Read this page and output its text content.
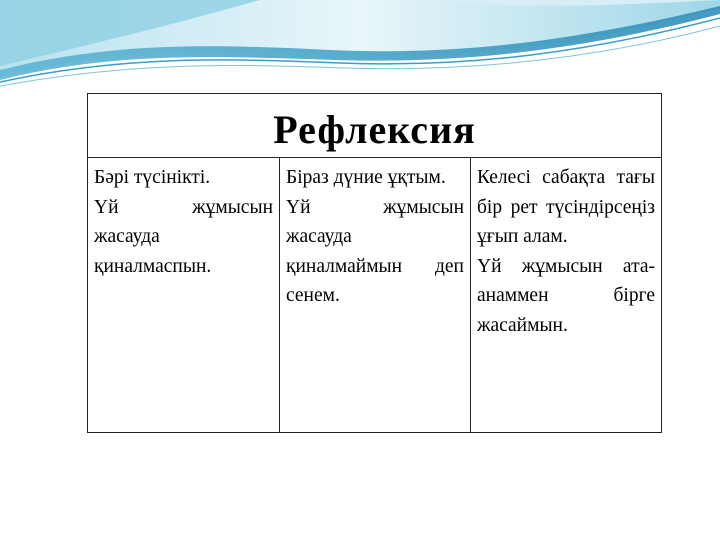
Рефлексия
Бәрі түсінікті.
Үй жұмысын жасауда қиналмаспын.
Біраз дүние ұқтым.
Үй жұмысын жасауда қиналмаймын деп сенем.
Келесі сабақта тағы бір рет түсіндірсеңіз ұғып алам.
Үй жұмысын ата-анаммен бірге жасаймын.
